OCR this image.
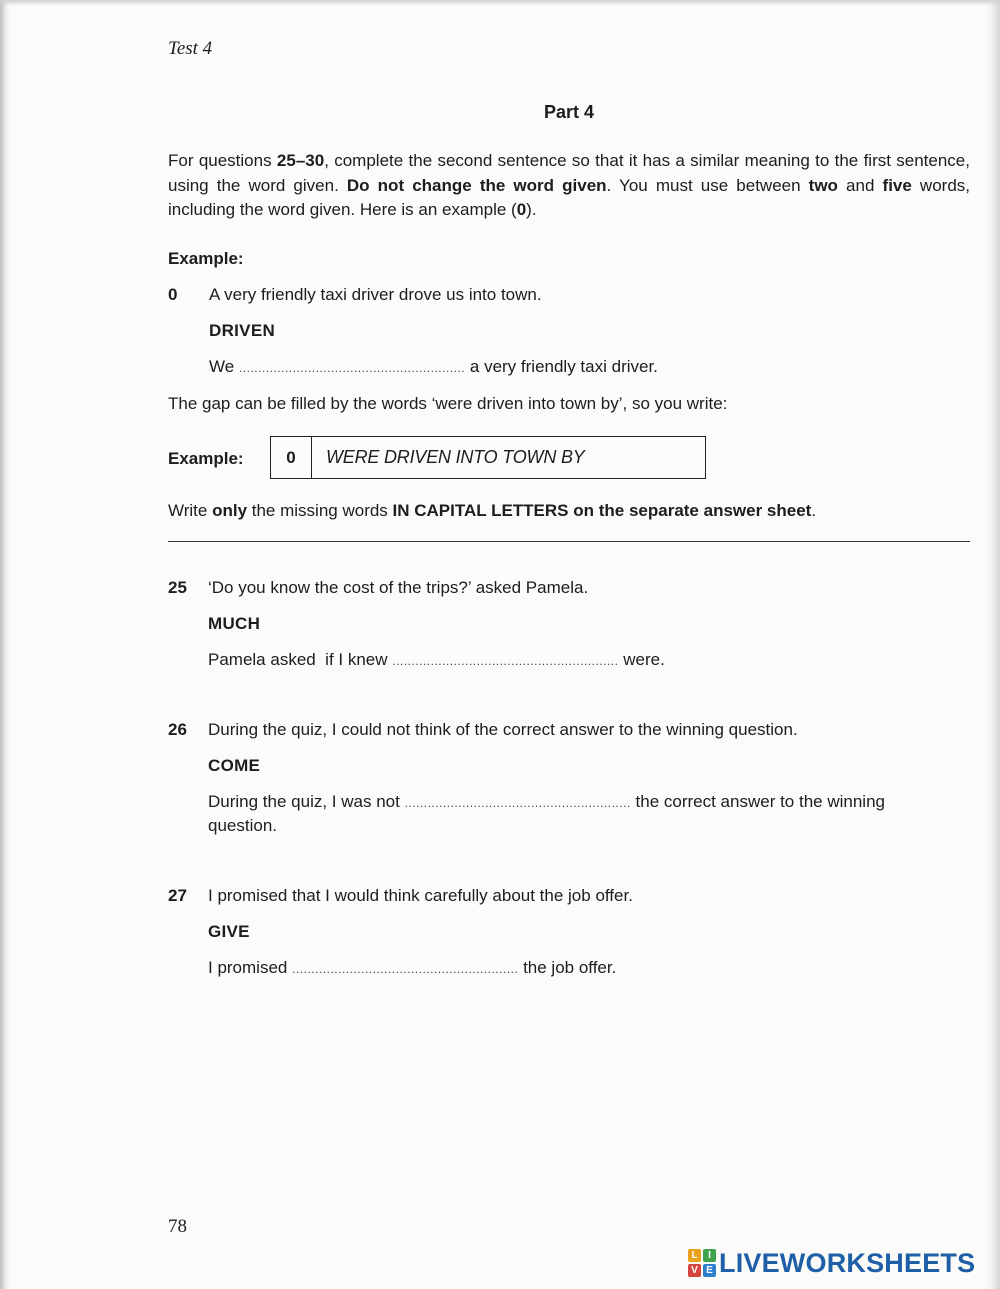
Test 4
Part 4
For questions 25–30, complete the second sentence so that it has a similar meaning to the first sentence, using the word given. Do not change the word given. You must use between two and five words, including the word given. Here is an example (0).
Example:
0 A very friendly taxi driver drove us into town.
DRIVEN
We ........................................................... a very friendly taxi driver.
The gap can be filled by the words ‘were driven into town by’, so you write:
Example:	0	WERE DRIVEN INTO TOWN BY
Write only the missing words IN CAPITAL LETTERS on the separate answer sheet.
25 ‘Do you know the cost of the trips?’ asked Pamela.
MUCH
Pamela asked  if I knew ........................................................... were.
26 During the quiz, I could not think of the correct answer to the winning question.
COME
During the quiz, I was not ........................................................... the correct answer to the winning
question.
27 I promised that I would think carefully about the job offer.
GIVE
I promised ........................................................... the job offer.
78
L	I
V E LIVEWORKSHEETS
